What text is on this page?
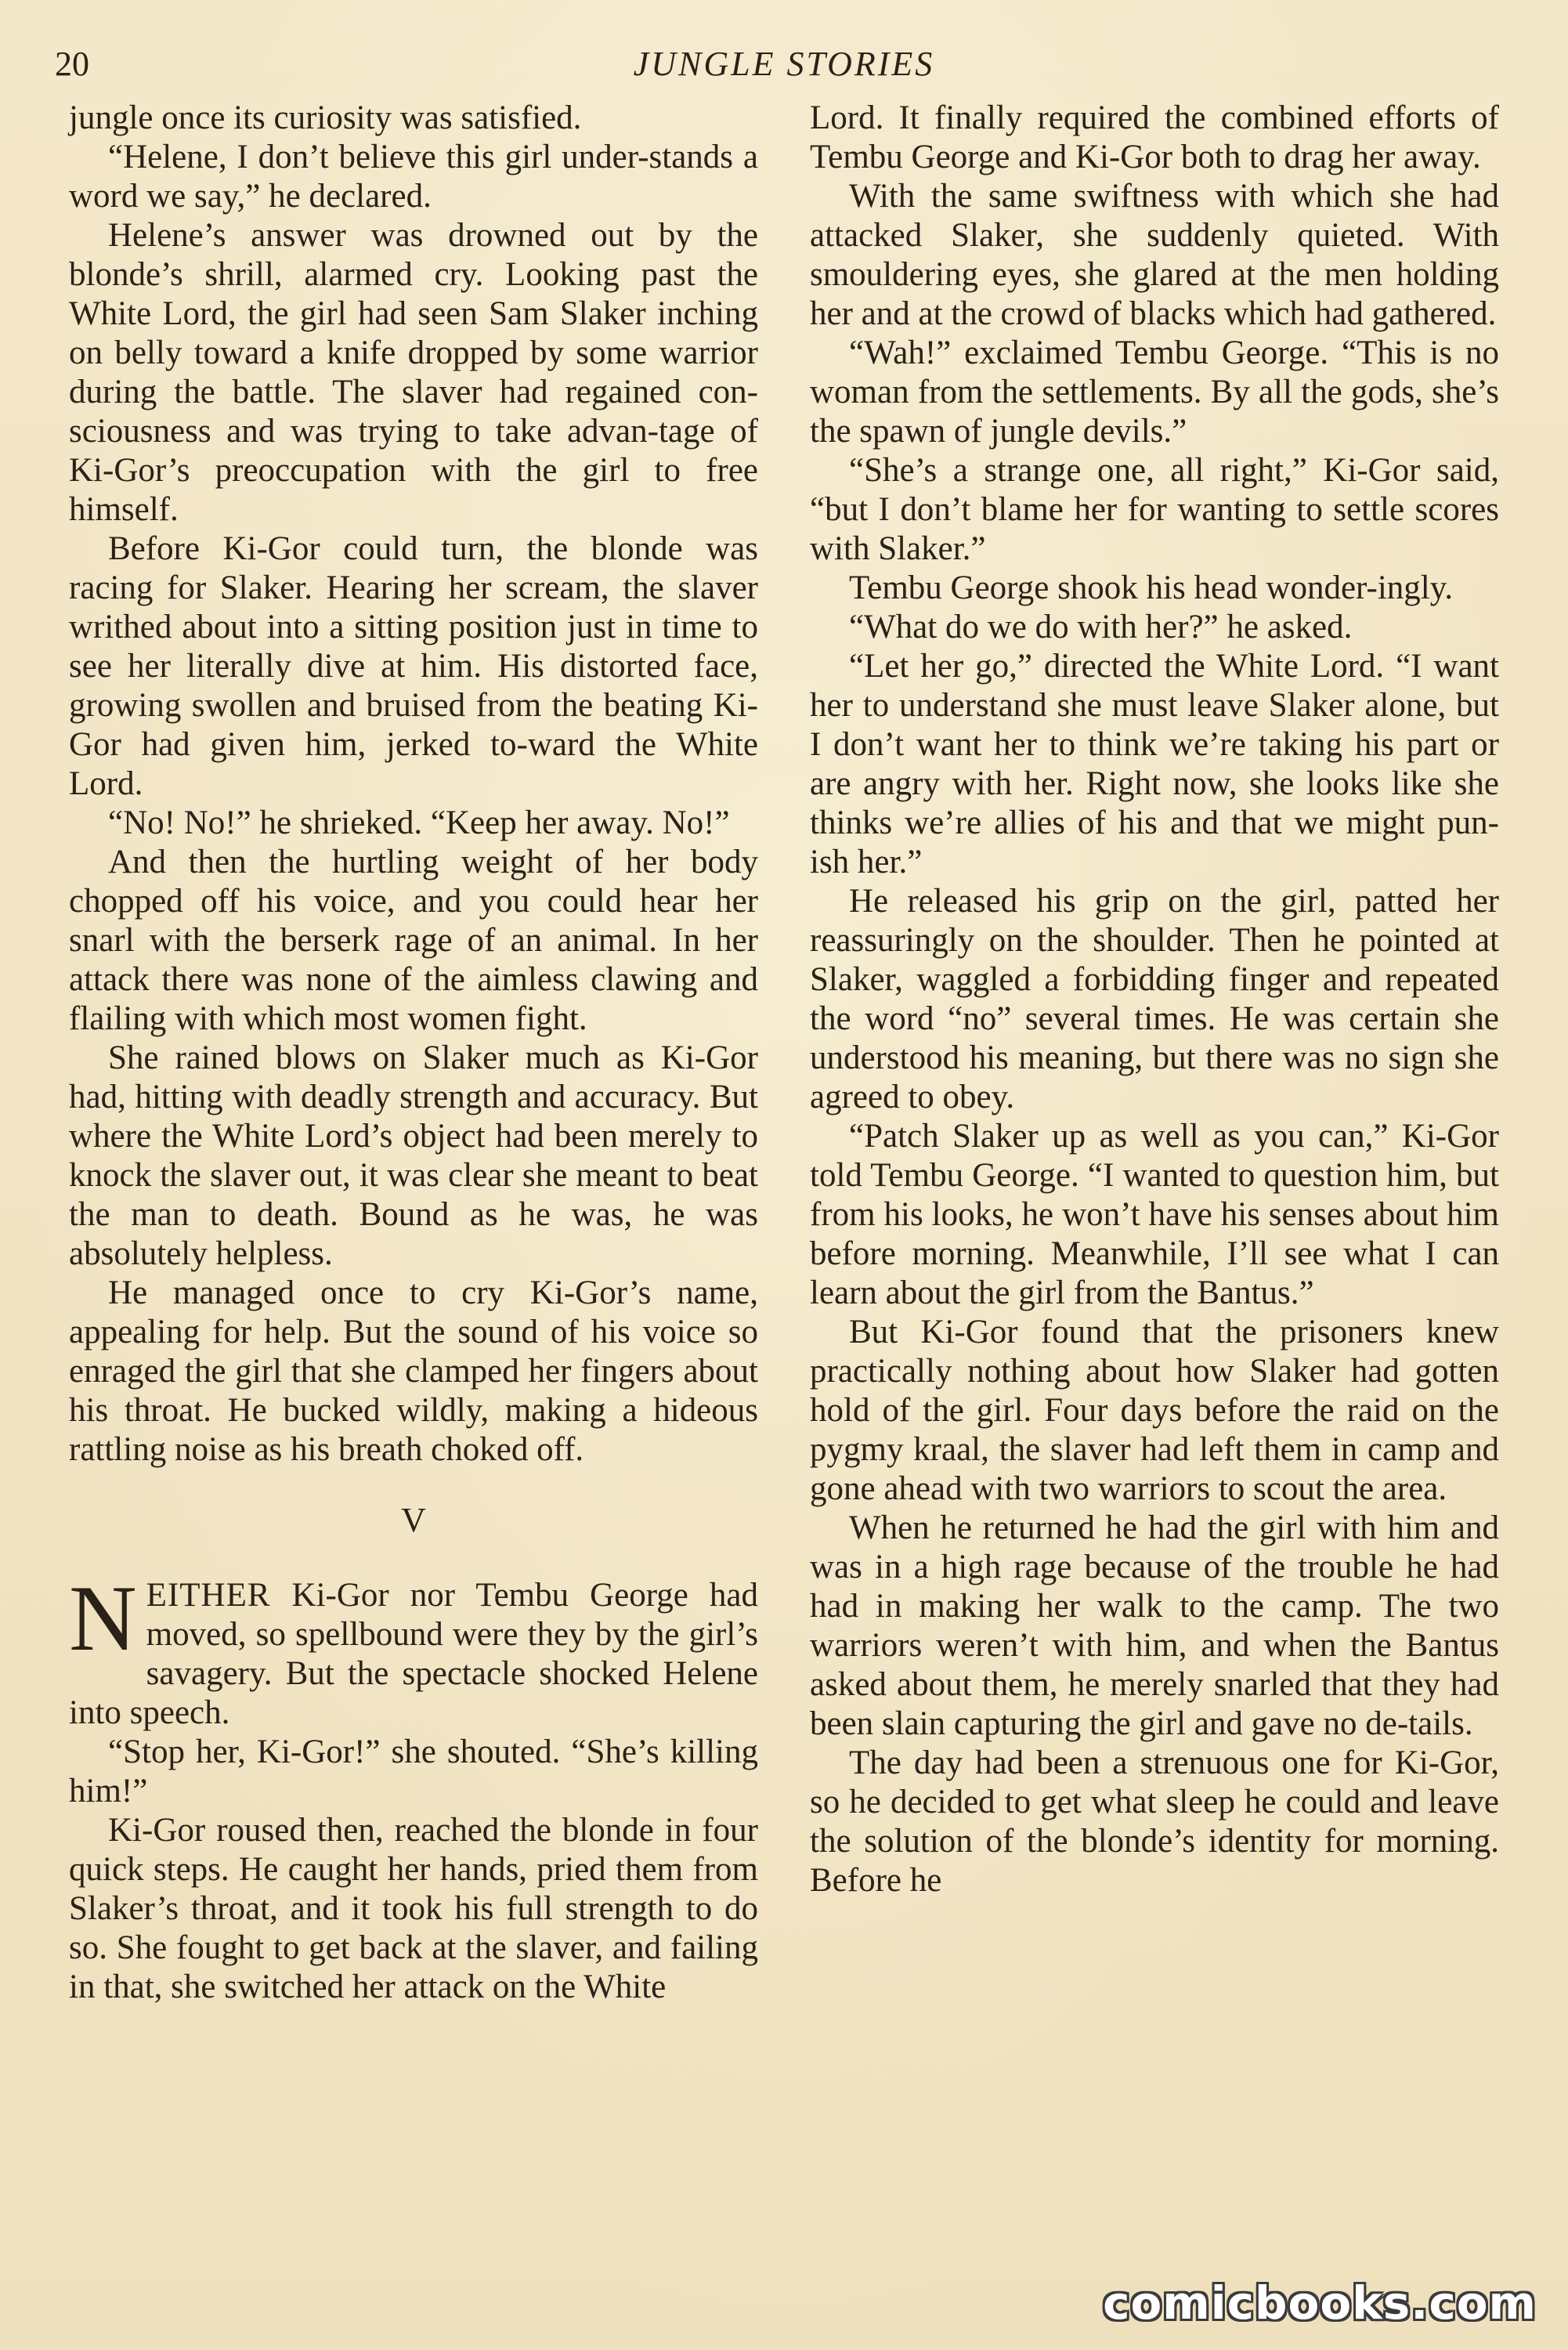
20	JUNGLE STORIES

jungle once its curiosity was satisfied.

“Helene, I don’t believe this girl under-stands a word we say,” he declared.

Helene’s answer was drowned out by the blonde’s shrill, alarmed cry. Looking past the White Lord, the girl had seen Sam Slaker inching on belly toward a knife dropped by some warrior during the battle. The slaver had regained con-sciousness and was trying to take advan-tage of Ki-Gor’s preoccupation with the girl to free himself.

Before Ki-Gor could turn, the blonde was racing for Slaker. Hearing her scream, the slaver writhed about into a sitting position just in time to see her literally dive at him. His distorted face, growing swollen and bruised from the beating Ki-Gor had given him, jerked to-ward the White Lord.

“No! No!” he shrieked. “Keep her away. No!”

And then the hurtling weight of her body chopped off his voice, and you could hear her snarl with the berserk rage of an animal. In her attack there was none of the aimless clawing and flailing with which most women fight.

She rained blows on Slaker much as Ki-Gor had, hitting with deadly strength and accuracy. But where the White Lord’s object had been merely to knock the slaver out, it was clear she meant to beat the man to death. Bound as he was, he was absolutely helpless.

He managed once to cry Ki-Gor’s name, appealing for help. But the sound of his voice so enraged the girl that she clamped her fingers about his throat. He bucked wildly, making a hideous rattling noise as his breath choked off.

V

NEITHER Ki-Gor nor Tembu George had moved, so spellbound were they by the girl’s savagery. But the spectacle shocked Helene into speech.

“Stop her, Ki-Gor!” she shouted. “She’s killing him!”

Ki-Gor roused then, reached the blonde in four quick steps. He caught her hands, pried them from Slaker’s throat, and it took his full strength to do so. She fought to get back at the slaver, and failing in that, she switched her attack on the White

Lord. It finally required the combined efforts of Tembu George and Ki-Gor both to drag her away.

With the same swiftness with which she had attacked Slaker, she suddenly quieted. With smouldering eyes, she glared at the men holding her and at the crowd of blacks which had gathered.

“Wah!” exclaimed Tembu George. “This is no woman from the settlements. By all the gods, she’s the spawn of jungle devils.”

“She’s a strange one, all right,” Ki-Gor said, “but I don’t blame her for wanting to settle scores with Slaker.”

Tembu George shook his head wonder-ingly.

“What do we do with her?” he asked.

“Let her go,” directed the White Lord. “I want her to understand she must leave Slaker alone, but I don’t want her to think we’re taking his part or are angry with her. Right now, she looks like she thinks we’re allies of his and that we might pun-ish her.”

He released his grip on the girl, patted her reassuringly on the shoulder. Then he pointed at Slaker, waggled a forbidding finger and repeated the word “no” several times. He was certain she understood his meaning, but there was no sign she agreed to obey.

“Patch Slaker up as well as you can,” Ki-Gor told Tembu George. “I wanted to question him, but from his looks, he won’t have his senses about him before morning. Meanwhile, I’ll see what I can learn about the girl from the Bantus.”

But Ki-Gor found that the prisoners knew practically nothing about how Slaker had gotten hold of the girl. Four days before the raid on the pygmy kraal, the slaver had left them in camp and gone ahead with two warriors to scout the area.

When he returned he had the girl with him and was in a high rage because of the trouble he had had in making her walk to the camp. The two warriors weren’t with him, and when the Bantus asked about them, he merely snarled that they had been slain capturing the girl and gave no de-tails.

The day had been a strenuous one for Ki-Gor, so he decided to get what sleep he could and leave the solution of the blonde’s identity for morning. Before he

comicbooks.com
